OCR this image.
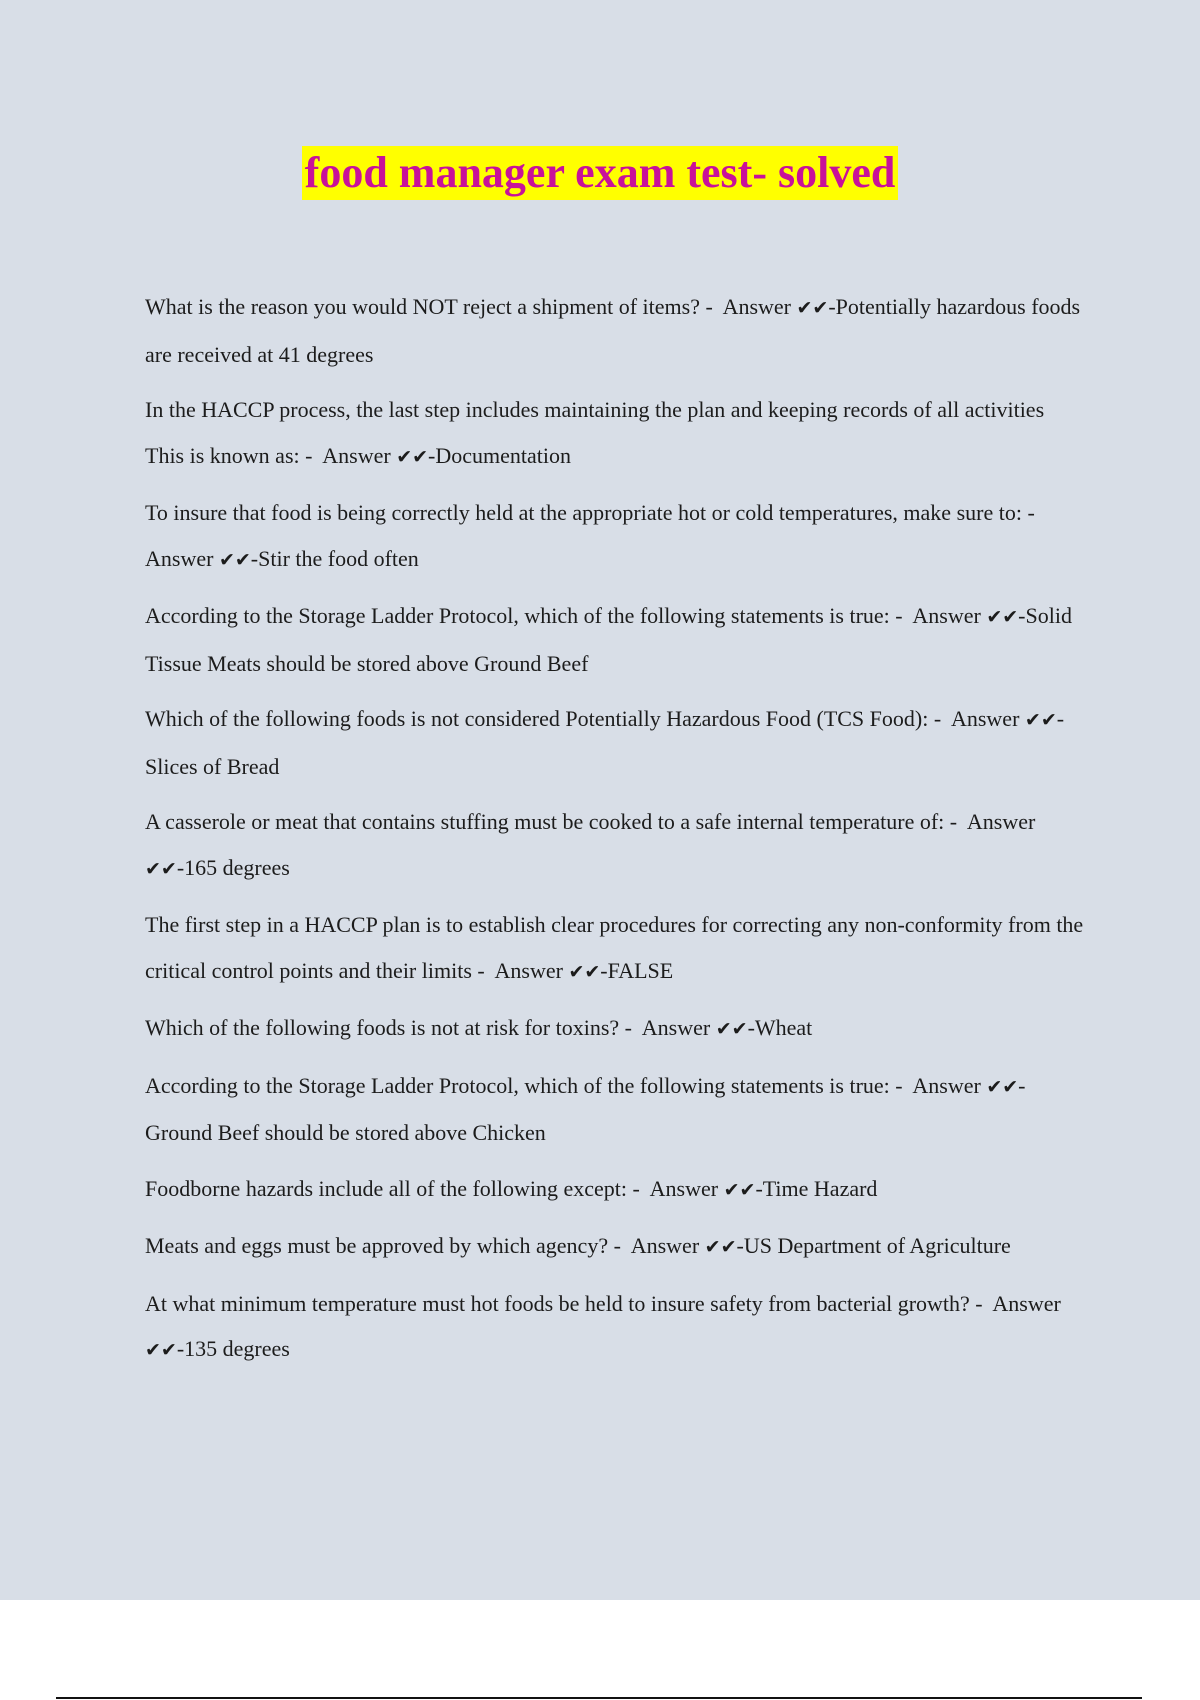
food manager exam test- solved
What is the reason you would NOT reject a shipment of items? - Answer ✔✔-Potentially hazardous foods are received at 41 degrees
In the HACCP process, the last step includes maintaining the plan and keeping records of all activities This is known as: - Answer ✔✔-Documentation
To insure that food is being correctly held at the appropriate hot or cold temperatures, make sure to: -  Answer ✔✔-Stir the food often
According to the Storage Ladder Protocol, which of the following statements is true: - Answer ✔✔-Solid Tissue Meats should be stored above Ground Beef
Which of the following foods is not considered Potentially Hazardous Food (TCS Food): - Answer ✔✔-Slices of Bread
A casserole or meat that contains stuffing must be cooked to a safe internal temperature of: - Answer ✔✔-165 degrees
The first step in a HACCP plan is to establish clear procedures for correcting any non-conformity from the critical control points and their limits - Answer ✔✔-FALSE
Which of the following foods is not at risk for toxins? - Answer ✔✔-Wheat
According to the Storage Ladder Protocol, which of the following statements is true: - Answer ✔✔-Ground Beef should be stored above Chicken
Foodborne hazards include all of the following except: - Answer ✔✔-Time Hazard
Meats and eggs must be approved by which agency? - Answer ✔✔-US Department of Agriculture
At what minimum temperature must hot foods be held to insure safety from bacterial growth? - Answer ✔✔-135 degrees
